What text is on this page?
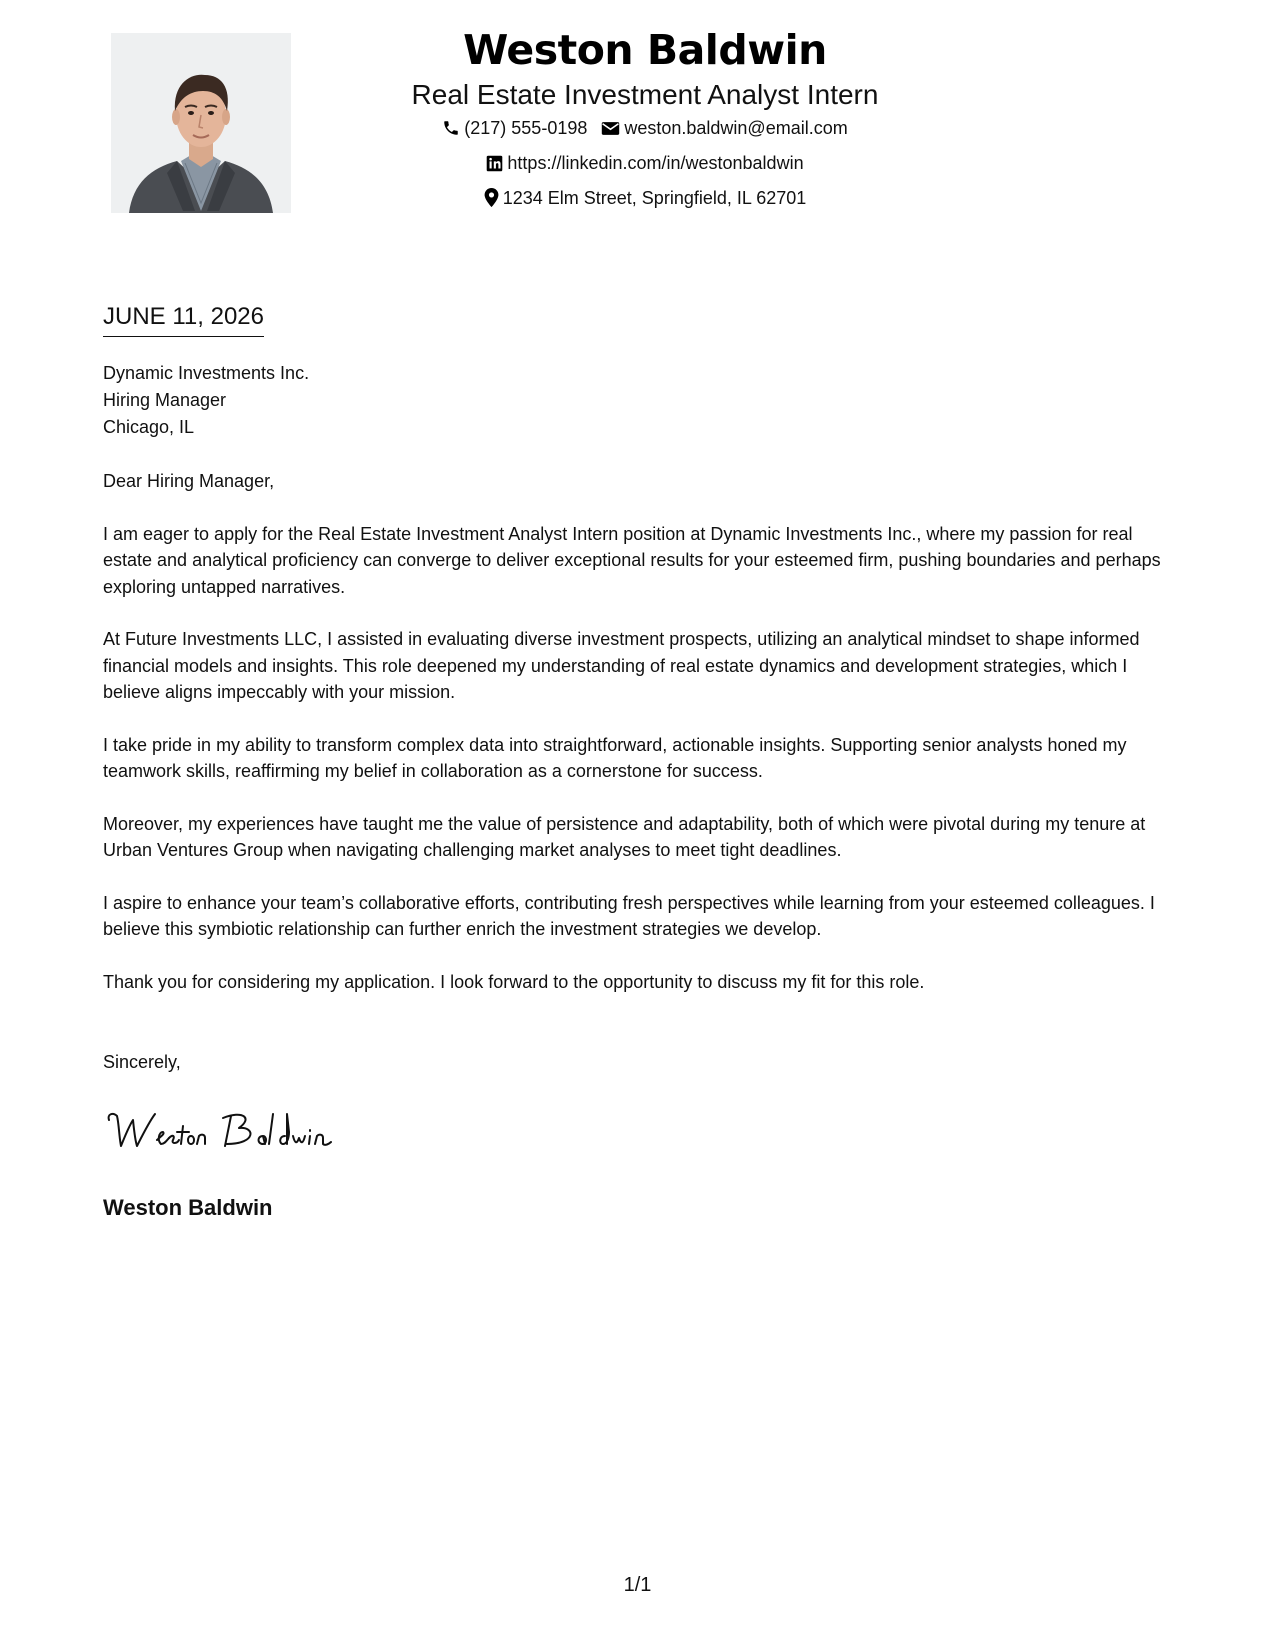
Weston Baldwin
Real Estate Investment Analyst Intern
(217) 555-0198 weston.baldwin@email.com
https://linkedin.com/in/westonbaldwin
1234 Elm Street, Springfield, IL 62701
JUNE 11, 2026
Dynamic Investments Inc.
Hiring Manager
Chicago, IL

Dear Hiring Manager,

I am eager to apply for the Real Estate Investment Analyst Intern position at Dynamic Investments Inc., where my passion for real estate and analytical proficiency can converge to deliver exceptional results for your esteemed firm, pushing boundaries and perhaps exploring untapped narratives.

At Future Investments LLC, I assisted in evaluating diverse investment prospects, utilizing an analytical mindset to shape informed financial models and insights. This role deepened my understanding of real estate dynamics and development strategies, which I believe aligns impeccably with your mission.

I take pride in my ability to transform complex data into straightforward, actionable insights. Supporting senior analysts honed my teamwork skills, reaffirming my belief in collaboration as a cornerstone for success.

Moreover, my experiences have taught me the value of persistence and adaptability, both of which were pivotal during my tenure at Urban Ventures Group when navigating challenging market analyses to meet tight deadlines.

I aspire to enhance your team’s collaborative efforts, contributing fresh perspectives while learning from your esteemed colleagues. I believe this symbiotic relationship can further enrich the investment strategies we develop.

Thank you for considering my application. I look forward to the opportunity to discuss my fit for this role.

Sincerely,
Weston Baldwin
1/1
